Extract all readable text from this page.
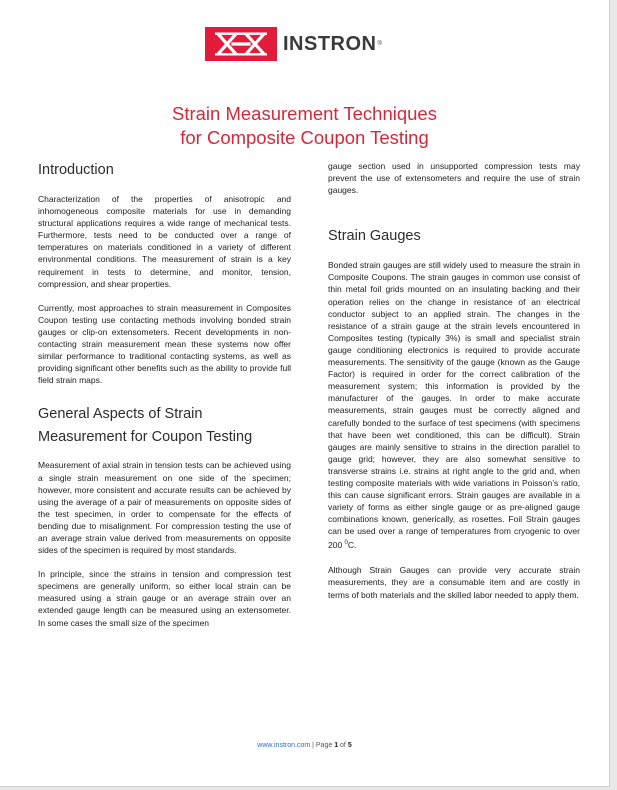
INSTRON ®
Strain Measurement Techniques
for Composite Coupon Testing
Introduction

Characterization of the properties of anisotropic and inhomogeneous composite materials for use in demanding structural applications requires a wide range of mechanical tests. Furthermore, tests need to be conducted over a range of temperatures on materials conditioned in a variety of different environmental conditions. The measurement of strain is a key requirement in tests to determine, and monitor, tension, compression, and shear properties.

Currently, most approaches to strain measurement in Composites Coupon testing use contacting methods involving bonded strain gauges or clip-on extensometers. Recent developments in non-contacting strain measurement mean these systems now offer similar performance to traditional contacting systems, as well as providing significant other benefits such as the ability to provide full field strain maps.

General Aspects of Strain
Measurement for Coupon Testing

Measurement of axial strain in tension tests can be achieved using a single strain measurement on one side of the specimen; however, more consistent and accurate results can be achieved by using the average of a pair of measurements on opposite sides of the test specimen, in order to compensate for the effects of bending due to misalignment. For compression testing the use of an average strain value derived from measurements on opposite sides of the specimen is required by most standards.

In principle, since the strains in tension and compression test specimens are generally uniform, so either local strain can be measured using a strain gauge or an average strain over an extended gauge length can be measured using an extensometer. In some cases the small size of the specimen

gauge section used in unsupported compression tests may prevent the use of extensometers and require the use of strain gauges.

Strain Gauges

Bonded strain gauges are still widely used to measure the strain in Composite Coupons. The strain gauges in common use consist of thin metal foil grids mounted on an insulating backing and their operation relies on the change in resistance of an electrical conductor subject to an applied strain. The changes in the resistance of a strain gauge at the strain levels encountered in Composites testing (typically 3%) is small and specialist strain gauge conditioning electronics is required to provide accurate measurements. The sensitivity of the gauge (known as the Gauge Factor) is required in order for the correct calibration of the measurement system; this information is provided by the manufacturer of the gauges. In order to make accurate measurements, strain gauges must be correctly aligned and carefully bonded to the surface of test specimens (with specimens that have been wet conditioned, this can be difficult). Strain gauges are mainly sensitive to strains in the direction parallel to gauge grid; however, they are also somewhat sensitive to transverse strains i.e. strains at right angle to the grid and, when testing composite materials with wide variations in Poisson’s ratio, this can cause significant errors. Strain gauges are available in a variety of forms as either single gauge or as pre-aligned gauge combinations known, generically, as rosettes. Foil Strain gauges can be used over a range of temperatures from cryogenic to over 200 $^0$C.

Although Strain Gauges can provide very accurate strain measurements, they are a consumable item and are costly in terms of both materials and the skilled labor needed to apply them.

www.instron.com | Page 1 of 5
